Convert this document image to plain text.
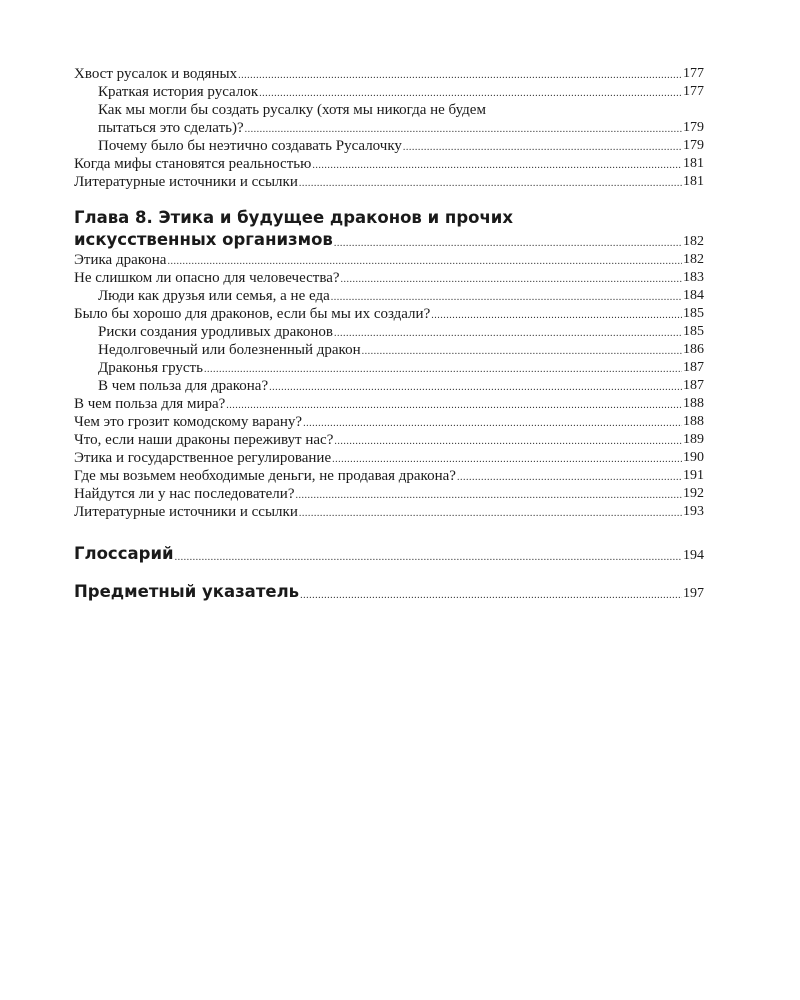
Хвост русалок и водяных .....	177
Краткая история русалок .....	177
Как мы могли бы создать русалку (хотя мы никогда не будем
пытаться это сделать)? .....	179
Почему было бы неэтично создавать Русалочку .....	179
Когда мифы становятся реальностью .....	181
Литературные источники и ссылки .....	181
Глава 8. Этика и будущее драконов и прочих
искусственных организмов .....	182
Этика дракона .....	182
Не слишком ли опасно для человечества? .....	183
Люди как друзья или семья, а не еда .....	184
Было бы хорошо для драконов, если бы мы их создали? .....	185
Риски создания уродливых драконов .....	185
Недолговечный или болезненный дракон .....	186
Драконья грусть .....	187
В чем польза для дракона? .....	187
В чем польза для мира? .....	188
Чем это грозит комодскому варану? .....	188
Что, если наши драконы переживут нас? .....	189
Этика и государственное регулирование .....	190
Где мы возьмем необходимые деньги, не продавая дракона? .....	191
Найдутся ли у нас последователи? .....	192
Литературные источники и ссылки .....	193
Глоссарий .....	194
Предметный указатель .....	197
